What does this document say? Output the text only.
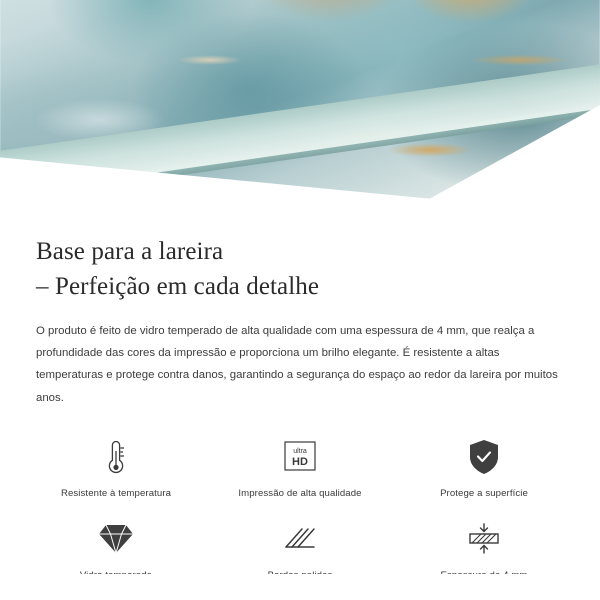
Base para a lareira
– Perfeição em cada detalhe

O produto é feito de vidro temperado de alta qualidade com uma espessura de 4 mm, que realça a profundidade das cores da impressão e proporciona um brilho elegante. É resistente a altas temperaturas e protege contra danos, garantindo a segurança do espaço ao redor da lareira por muitos anos.

Resistente à temperatura
ultra
HD
Impressão de alta qualidade	Protege a superfície
